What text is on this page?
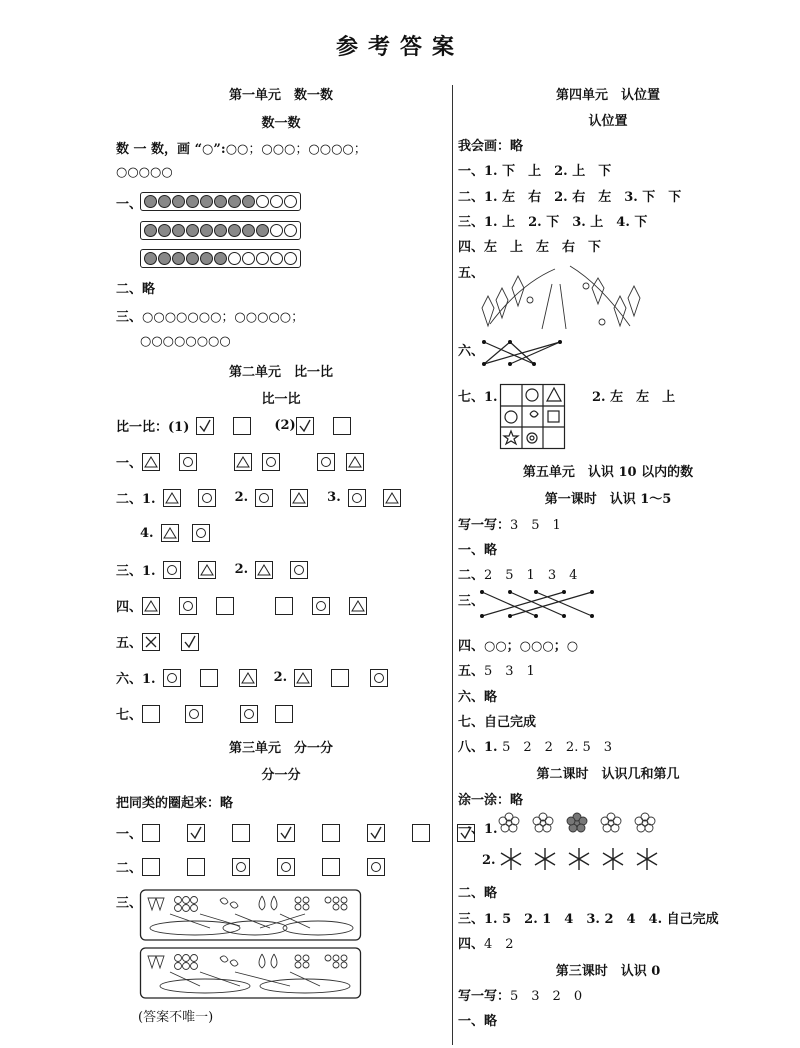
参考答案
第一单元　数一数
数一数
数 一 数，画 “○”: ○○；○○○；○○○○；
○○○○○
一、
二、略
三、 ○○○○○○○；○○○○○；
○○○○○○○○
第二单元　比一比
比一比
比一比：(1)	(2)
一、
二、1.	2.	3.
4.
三、1.	2.
四、
五、
六、1.	2.
七、
第三单元　分一分
分一分
把同类的圈起来：略
一、
二、
三、
(答案不唯一)
第四单元　认位置
认位置
我会画：略
一、1.
下　上　2. 上　下
二、1.
左　右　2. 右　左　3. 下　下
三、1.
上　2. 下　3. 上　4. 下
四、左　上　左　右　下
五、
六、
七、1.	2. 左　左　上
第五单元　认识 10 以内的数
第一课时　认识 1～5
写一写： 3　5　1
一、略
二、 2　5　1　3　4
三、
四、○○；○○○；○
五、 5　3　1
六、略
七、自己完成
八、1.
5　2　2　2. 5　3
第二课时　认识几和第几
涂一涂：略
一、1.
2.
二、略
三、1.
5　2. 1　4　3. 2　4　4. 自己完成
四、 4　2
第三课时　认识 0
写一写： 5　3　2　0
一、略
